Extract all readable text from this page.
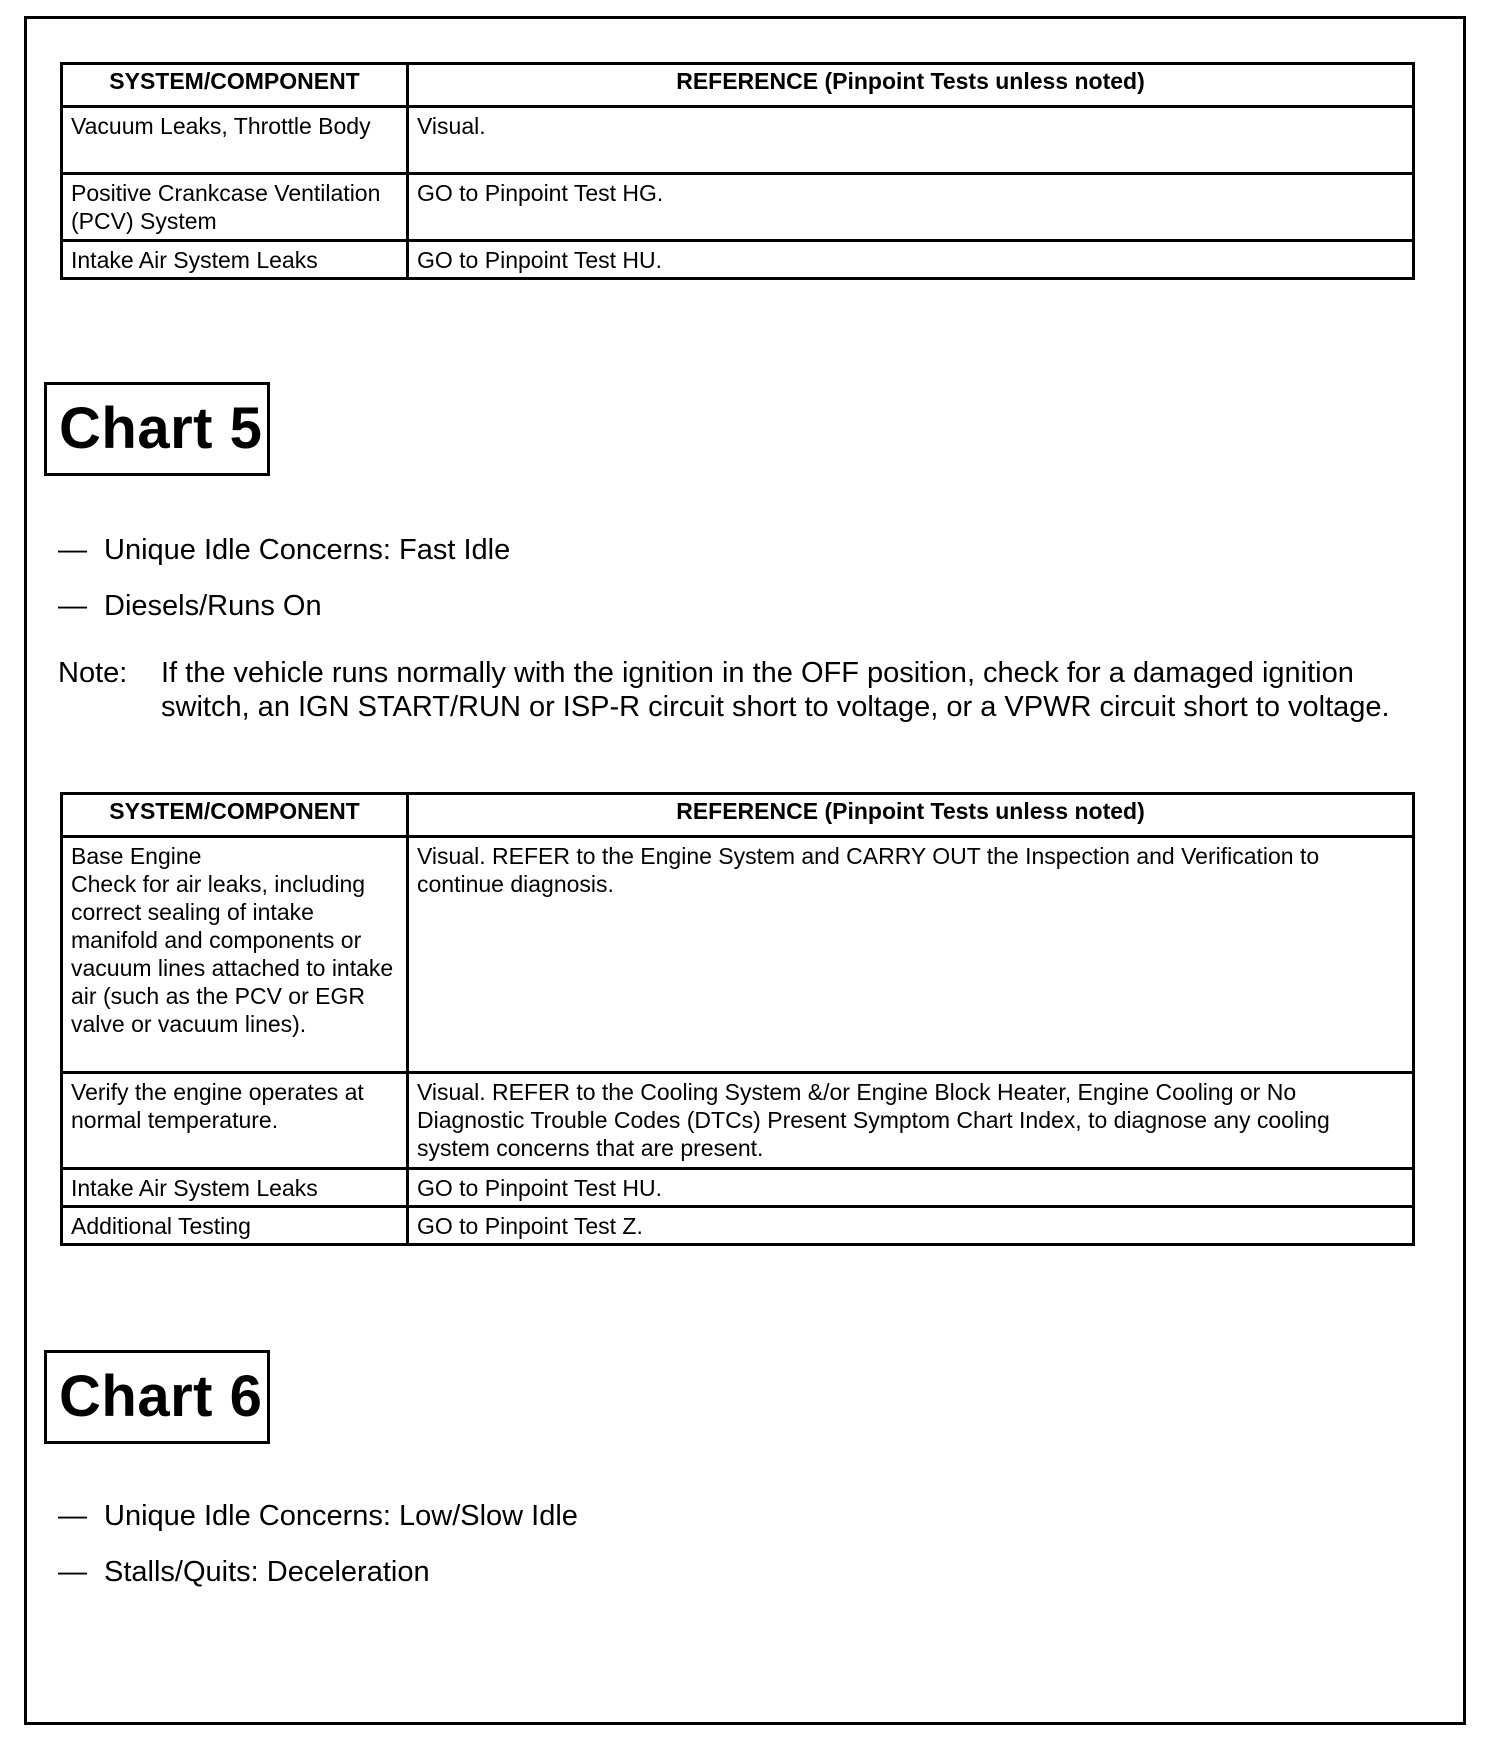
SYSTEM/COMPONENT	REFERENCE (Pinpoint Tests unless noted)
Vacuum Leaks, Throttle Body	Visual.
Positive Crankcase Ventilation (PCV) System	GO to Pinpoint Test HG.
Intake Air System Leaks	GO to Pinpoint Test HU.
Chart 5
— Unique Idle Concerns: Fast Idle
— Diesels/Runs On
Note: If the vehicle runs normally with the ignition in the OFF position, check for a damaged ignition switch, an IGN START/RUN or ISP-R circuit short to voltage, or a VPWR circuit short to voltage.
SYSTEM/COMPONENT	REFERENCE (Pinpoint Tests unless noted)
Base Engine
Check for air leaks, including correct sealing of intake manifold and components or vacuum lines attached to intake air (such as the PCV or EGR valve or vacuum lines).	Visual. REFER to the Engine System and CARRY OUT the Inspection and Verification to continue diagnosis.
Verify the engine operates at normal temperature.	Visual. REFER to the Cooling System &/or Engine Block Heater, Engine Cooling or No Diagnostic Trouble Codes (DTCs) Present Symptom Chart Index, to diagnose any cooling system concerns that are present.
Intake Air System Leaks	GO to Pinpoint Test HU.
Additional Testing	GO to Pinpoint Test Z.
Chart 6
— Unique Idle Concerns: Low/Slow Idle
— Stalls/Quits: Deceleration
